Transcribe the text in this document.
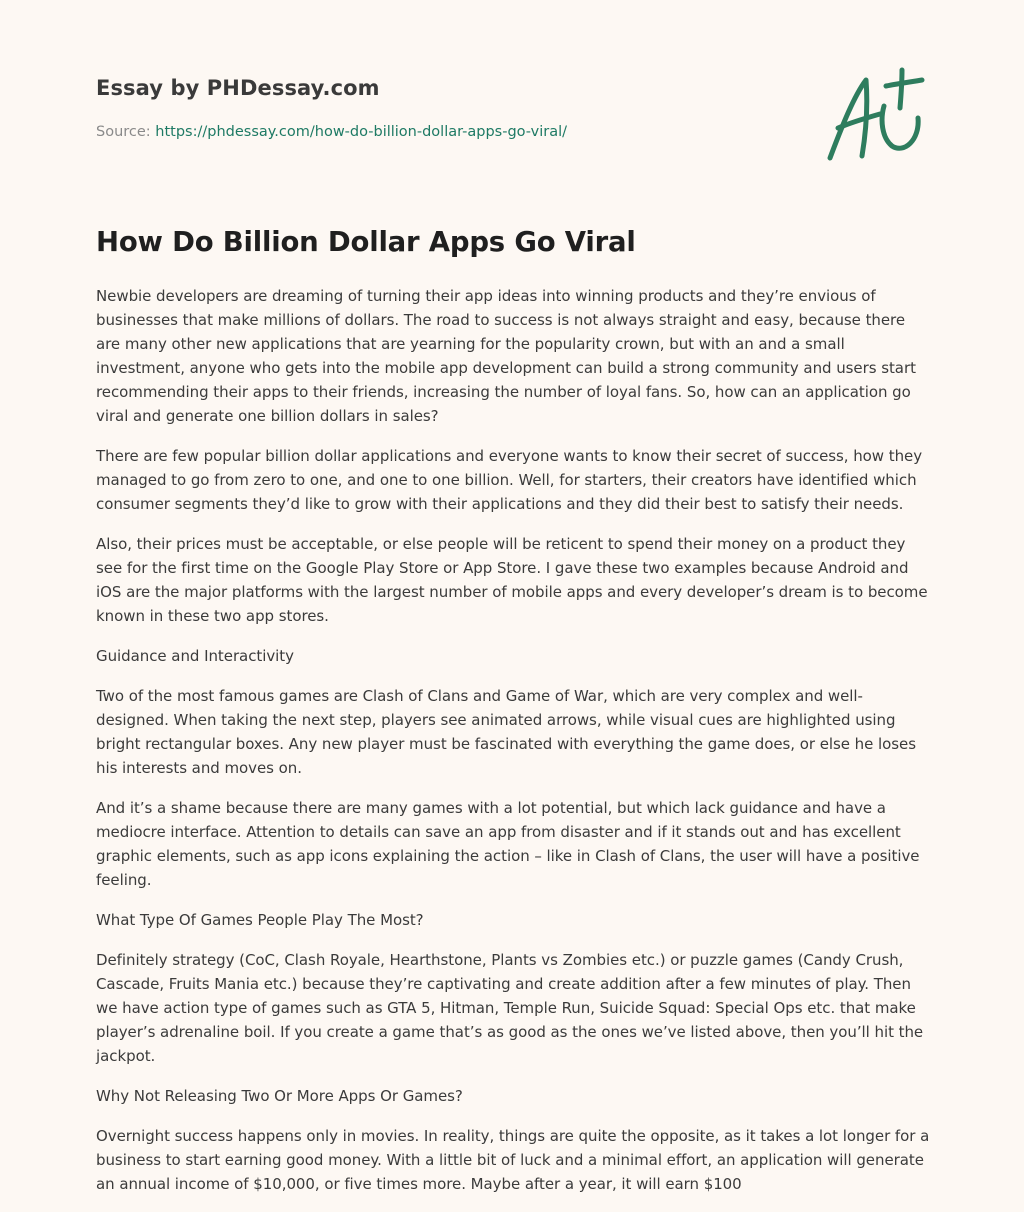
Essay by PHDessay.com
Source: https://phdessay.com/how-do-billion-dollar-apps-go-viral/
How Do Billion Dollar Apps Go Viral

Newbie developers are dreaming of turning their app ideas into winning products and they’re envious of businesses that make millions of dollars. The road to success is not always straight and easy, because there are many other new applications that are yearning for the popularity crown, but with an and a small investment, anyone who gets into the mobile app development can build a strong community and users start recommending their apps to their friends, increasing the number of loyal fans. So, how can an application go viral and generate one billion dollars in sales?

There are few popular billion dollar applications and everyone wants to know their secret of success, how they managed to go from zero to one, and one to one billion. Well, for starters, their creators have identified which consumer segments they’d like to grow with their applications and they did their best to satisfy their needs.

Also, their prices must be acceptable, or else people will be reticent to spend their money on a product they see for the first time on the Google Play Store or App Store. I gave these two examples because Android and iOS are the major platforms with the largest number of mobile apps and every developer’s dream is to become known in these two app stores.

Guidance and Interactivity

Two of the most famous games are Clash of Clans and Game of War, which are very complex and well-designed. When taking the next step, players see animated arrows, while visual cues are highlighted using bright rectangular boxes. Any new player must be fascinated with everything the game does, or else he loses his interests and moves on.

And it’s a shame because there are many games with a lot potential, but which lack guidance and have a mediocre interface. Attention to details can save an app from disaster and if it stands out and has excellent graphic elements, such as app icons explaining the action – like in Clash of Clans, the user will have a positive feeling.

What Type Of Games People Play The Most?

Definitely strategy (CoC, Clash Royale, Hearthstone, Plants vs Zombies etc.) or puzzle games (Candy Crush, Cascade, Fruits Mania etc.) because they’re captivating and create addition after a few minutes of play. Then we have action type of games such as GTA 5, Hitman, Temple Run, Suicide Squad: Special Ops etc. that make player’s adrenaline boil. If you create a game that’s as good as the ones we’ve listed above, then you’ll hit the jackpot.

Why Not Releasing Two Or More Apps Or Games?

Overnight success happens only in movies. In reality, things are quite the opposite, as it takes a lot longer for a business to start earning good money. With a little bit of luck and a minimal effort, an application will generate an annual income of $10,000, or five times more. Maybe after a year, it will earn $100
